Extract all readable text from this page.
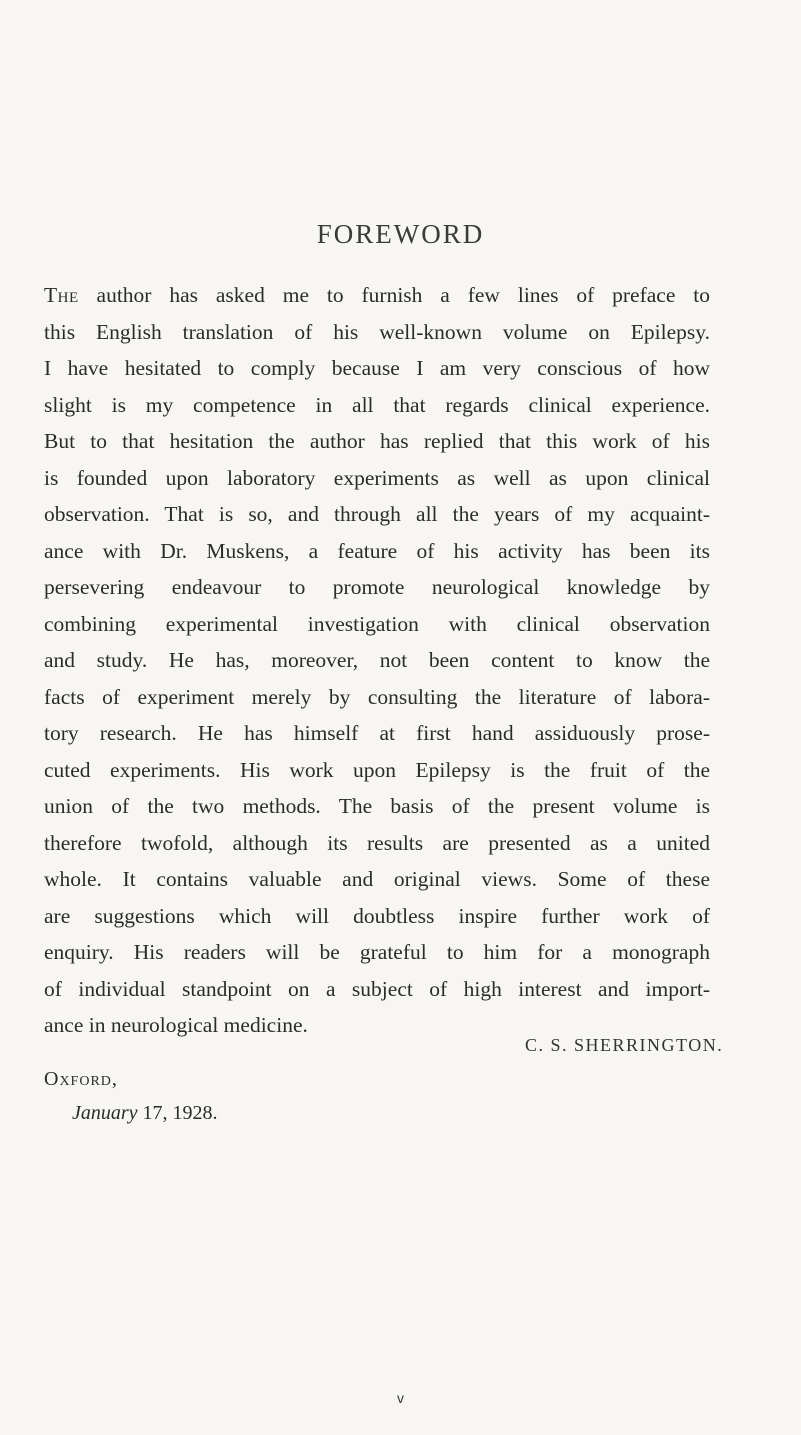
FOREWORD
The author has asked me to furnish a few lines of preface to
this English translation of his well-known volume on Epilepsy.
I have hesitated to comply because I am very conscious of how
slight is my competence in all that regards clinical experience.
But to that hesitation the author has replied that this work of his
is founded upon laboratory experiments as well as upon clinical
observation. That is so, and through all the years of my acquaint-
ance with Dr. Muskens, a feature of his activity has been its
persevering endeavour to promote neurological knowledge by
combining experimental investigation with clinical observation
and study. He has, moreover, not been content to know the
facts of experiment merely by consulting the literature of labora-
tory research. He has himself at first hand assiduously prose-
cuted experiments. His work upon Epilepsy is the fruit of the
union of the two methods. The basis of the present volume is
therefore twofold, although its results are presented as a united
whole. It contains valuable and original views. Some of these
are suggestions which will doubtless inspire further work of
enquiry. His readers will be grateful to him for a monograph
of individual standpoint on a subject of high interest and import-
ance in neurological medicine.
C. S. SHERRINGTON.
Oxford,
January 17, 1928.
v
